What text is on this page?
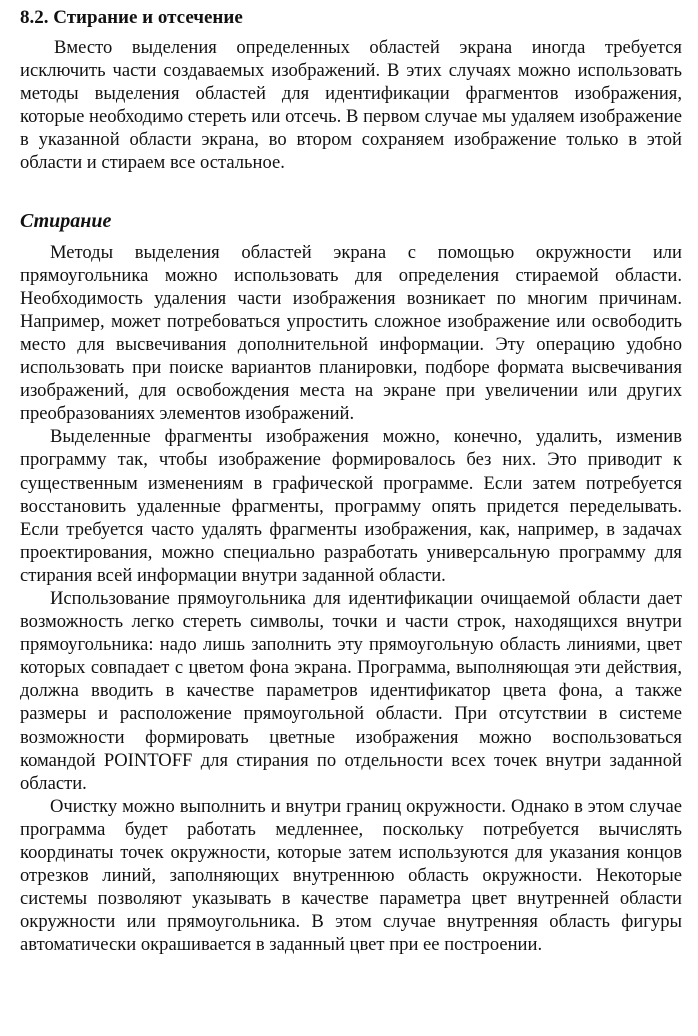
8.2. Стирание и отсечение

Вместо выделения определенных областей экрана иногда требуется исключить части создаваемых изображений. В этих случаях можно использовать методы выделения областей для идентификации фрагментов изображения, которые необходимо стереть или отсечь. В первом случае мы удаляем изображение в указанной области экрана, во втором сохраняем изображение только в этой области и стираем все остальное.

Стирание

Методы выделения областей экрана с помощью окружности или прямоугольника можно использовать для определения стираемой области. Необходимость удаления части изображения возникает по многим причинам. Например, может потребоваться упростить сложное изображение или освободить место для высвечивания дополнительной информации. Эту операцию удобно использовать при поиске вариантов планировки, подборе формата высвечивания изображений, для освобождения места на экране при увеличении или других преобразованиях элементов изображений.

Выделенные фрагменты изображения можно, конечно, удалить, изменив программу так, чтобы изображение формировалось без них. Это приводит к существенным изменениям в графической программе. Если затем потребуется восстановить удаленные фрагменты, программу опять придется переделывать. Если требуется часто удалять фрагменты изображения, как, например, в задачах проектирования, можно специально разработать универсальную программу для стирания всей информации внутри заданной области.

Использование прямоугольника для идентификации очищаемой области дает возможность легко стереть символы, точки и части строк, находящихся внутри прямоугольника: надо лишь заполнить эту прямоугольную область линиями, цвет которых совпадает с цветом фона экрана. Программа, выполняющая эти действия, должна вводить в качестве параметров идентификатор цвета фона, а также размеры и расположение прямоугольной области. При отсутствии в системе возможности формировать цветные изображения можно воспользоваться командой POINTOFF для стирания по отдельности всех точек внутри заданной области.

Очистку можно выполнить и внутри границ окружности. Однако в этом случае программа будет работать медленнее, поскольку потребуется вычислять координаты точек окружности, которые затем используются для указания концов отрезков линий, заполняющих внутреннюю область окружности. Некоторые системы позволяют указывать в качестве параметра цвет внутренней области окружности или прямоугольника. В этом случае внутренняя область фигуры автоматически окрашивается в заданный цвет при ее построении.
